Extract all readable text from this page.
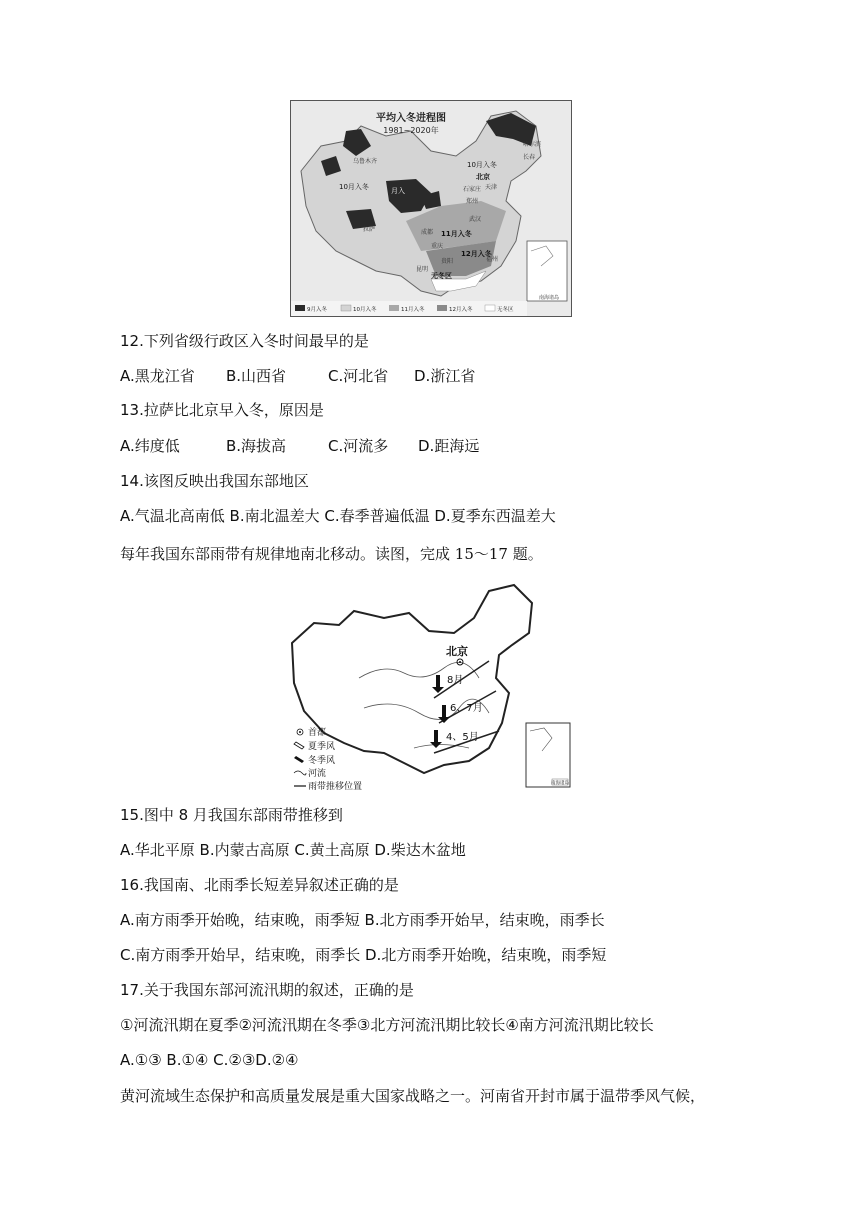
南海诸岛
平均入冬进程图
1981~2020年
哈尔滨
长春
乌鲁木齐	10月入冬
北京
天津
石家庄
10月入冬	月入
郑州
拉萨	成都
武汉
11月入冬
12月入冬
重庆
贵阳	福州
昆明
无冬区
9月入冬	10月入冬	11月入冬	12月入冬	无冬区
12.下列省级行政区入冬时间最早的是
A.黑龙江省 B.山西省	C.河北省 D.浙江省
13.拉萨比北京早入冬，原因是
A.纬度低	B.海拔高	C.河流多 D.距海远
14.该图反映出我国东部地区
A.气温北高南低 B.南北温差大 C.春季普遍低温 D.夏季东西温差大
每年我国东部雨带有规律地南北移动。读图，完成 15〜17 题。
北京
8月
6、7月
4、5月
首都
夏季风
冬季风
河流
雨带推移位置	南海诸岛
15.图中 8 月我国东部雨带推移到
A.华北平原 B.内蒙古高原 C.黄土高原 D.柴达木盆地
16.我国南、北雨季长短差异叙述正确的是
A.南方雨季开始晚，结束晚，雨季短 B.北方雨季开始早，结束晚，雨季长
C.南方雨季开始早，结束晚，雨季长 D.北方雨季开始晚，结束晚，雨季短
17.关于我国东部河流汛期的叙述，正确的是
①河流汛期在夏季②河流汛期在冬季③北方河流汛期比较长④南方河流汛期比较长
A.①③ B.①④ C.②③D.②④
黄河流域生态保护和高质量发展是重大国家战略之一。河南省开封市属于温带季风气候，
